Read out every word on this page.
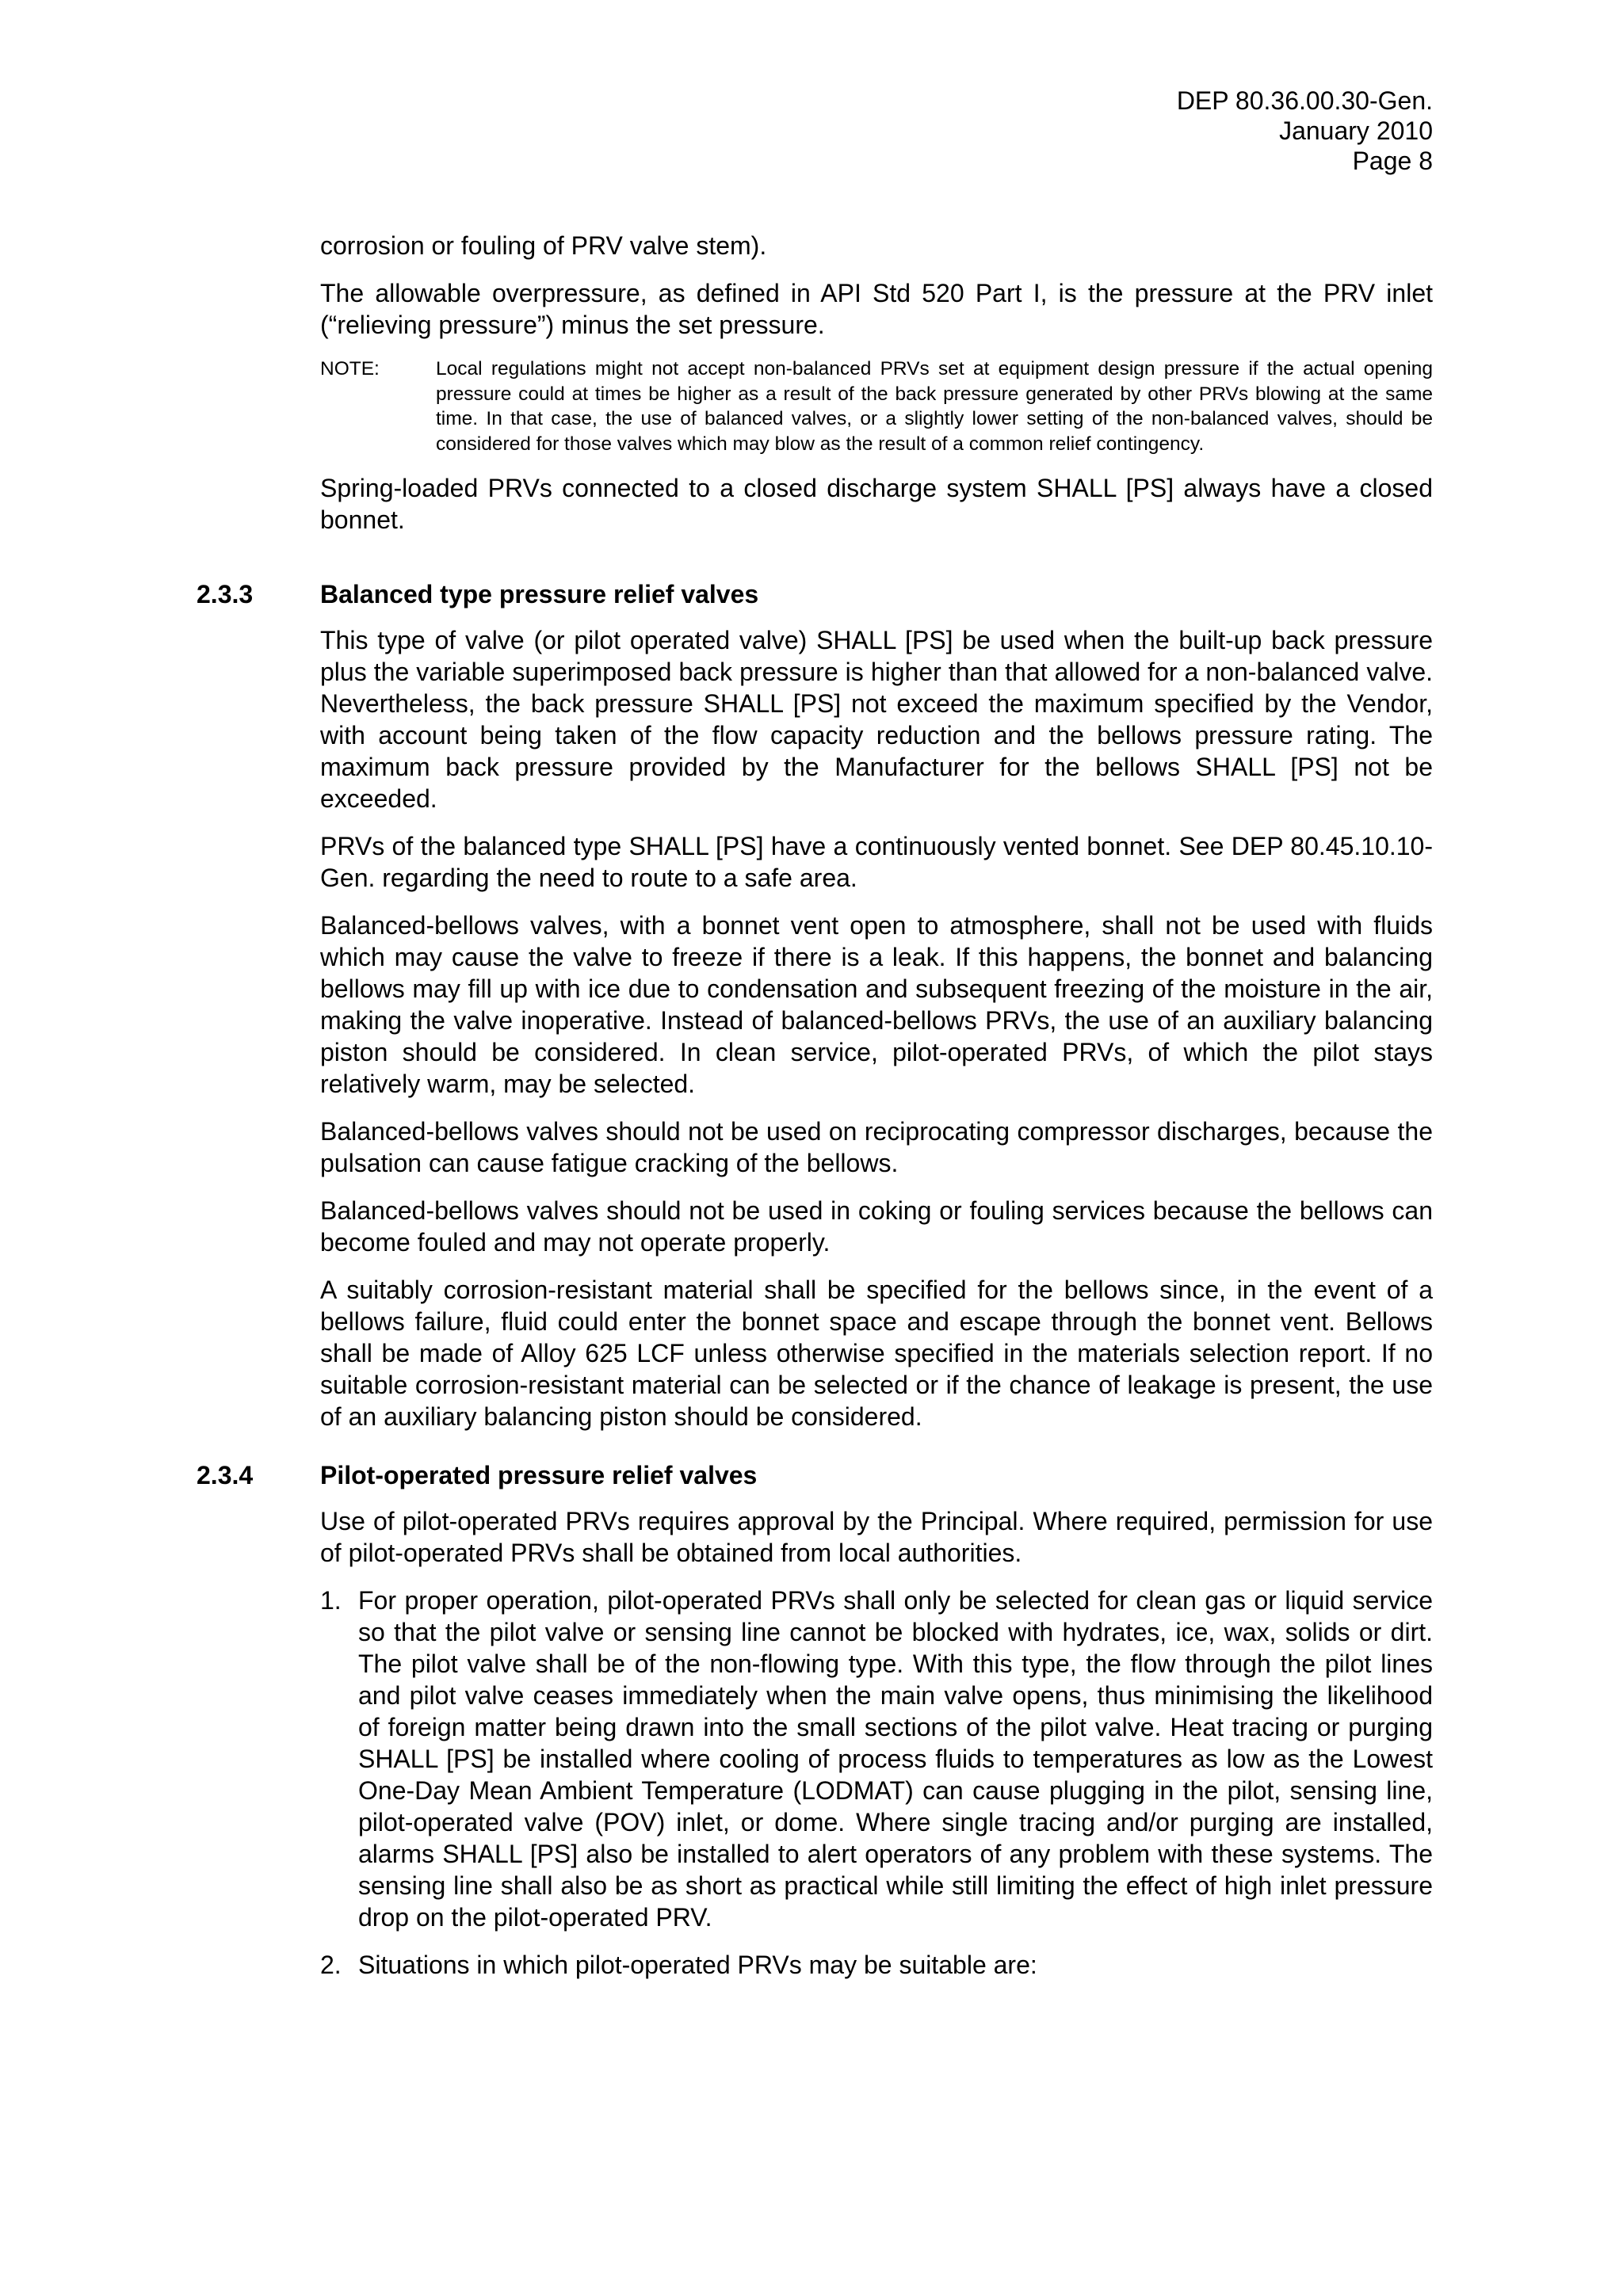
DEP 80.36.00.30-Gen.
January 2010
Page 8

corrosion or fouling of PRV valve stem).

The allowable overpressure, as defined in API Std 520 Part I, is the pressure at the PRV inlet (“relieving pressure”) minus the set pressure.

NOTE:	Local regulations might not accept non-balanced PRVs set at equipment design pressure if the actual opening pressure could at times be higher as a result of the back pressure generated by other PRVs blowing at the same time. In that case, the use of balanced valves, or a slightly lower setting of the non-balanced valves, should be considered for those valves which may blow as the result of a common relief contingency.

Spring-loaded PRVs connected to a closed discharge system SHALL [PS] always have a closed bonnet.

2.3.3	Balanced type pressure relief valves

This type of valve (or pilot operated valve) SHALL [PS] be used when the built-up back pressure plus the variable superimposed back pressure is higher than that allowed for a non-balanced valve. Nevertheless, the back pressure SHALL [PS] not exceed the maximum specified by the Vendor, with account being taken of the flow capacity reduction and the bellows pressure rating. The maximum back pressure provided by the Manufacturer for the bellows SHALL [PS] not be exceeded.

PRVs of the balanced type SHALL [PS] have a continuously vented bonnet. See DEP 80.45.10.10-Gen. regarding the need to route to a safe area.

Balanced-bellows valves, with a bonnet vent open to atmosphere, shall not be used with fluids which may cause the valve to freeze if there is a leak. If this happens, the bonnet and balancing bellows may fill up with ice due to condensation and subsequent freezing of the moisture in the air, making the valve inoperative. Instead of balanced-bellows PRVs, the use of an auxiliary balancing piston should be considered. In clean service, pilot-operated PRVs, of which the pilot stays relatively warm, may be selected.

Balanced-bellows valves should not be used on reciprocating compressor discharges, because the pulsation can cause fatigue cracking of the bellows.

Balanced-bellows valves should not be used in coking or fouling services because the bellows can become fouled and may not operate properly.

A suitably corrosion-resistant material shall be specified for the bellows since, in the event of a bellows failure, fluid could enter the bonnet space and escape through the bonnet vent. Bellows shall be made of Alloy 625 LCF unless otherwise specified in the materials selection report. If no suitable corrosion-resistant material can be selected or if the chance of leakage is present, the use of an auxiliary balancing piston should be considered.

2.3.4	Pilot-operated pressure relief valves

Use of pilot-operated PRVs requires approval by the Principal. Where required, permission for use of pilot-operated PRVs shall be obtained from local authorities.

1. For proper operation, pilot-operated PRVs shall only be selected for clean gas or liquid service so that the pilot valve or sensing line cannot be blocked with hydrates, ice, wax, solids or dirt. The pilot valve shall be of the non-flowing type. With this type, the flow through the pilot lines and pilot valve ceases immediately when the main valve opens, thus minimising the likelihood of foreign matter being drawn into the small sections of the pilot valve. Heat tracing or purging SHALL [PS] be installed where cooling of process fluids to temperatures as low as the Lowest One-Day Mean Ambient Temperature (LODMAT) can cause plugging in the pilot, sensing line, pilot-operated valve (POV) inlet, or dome. Where single tracing and/or purging are installed, alarms SHALL [PS] also be installed to alert operators of any problem with these systems. The sensing line shall also be as short as practical while still limiting the effect of high inlet pressure drop on the pilot-operated PRV.
2. Situations in which pilot-operated PRVs may be suitable are:
